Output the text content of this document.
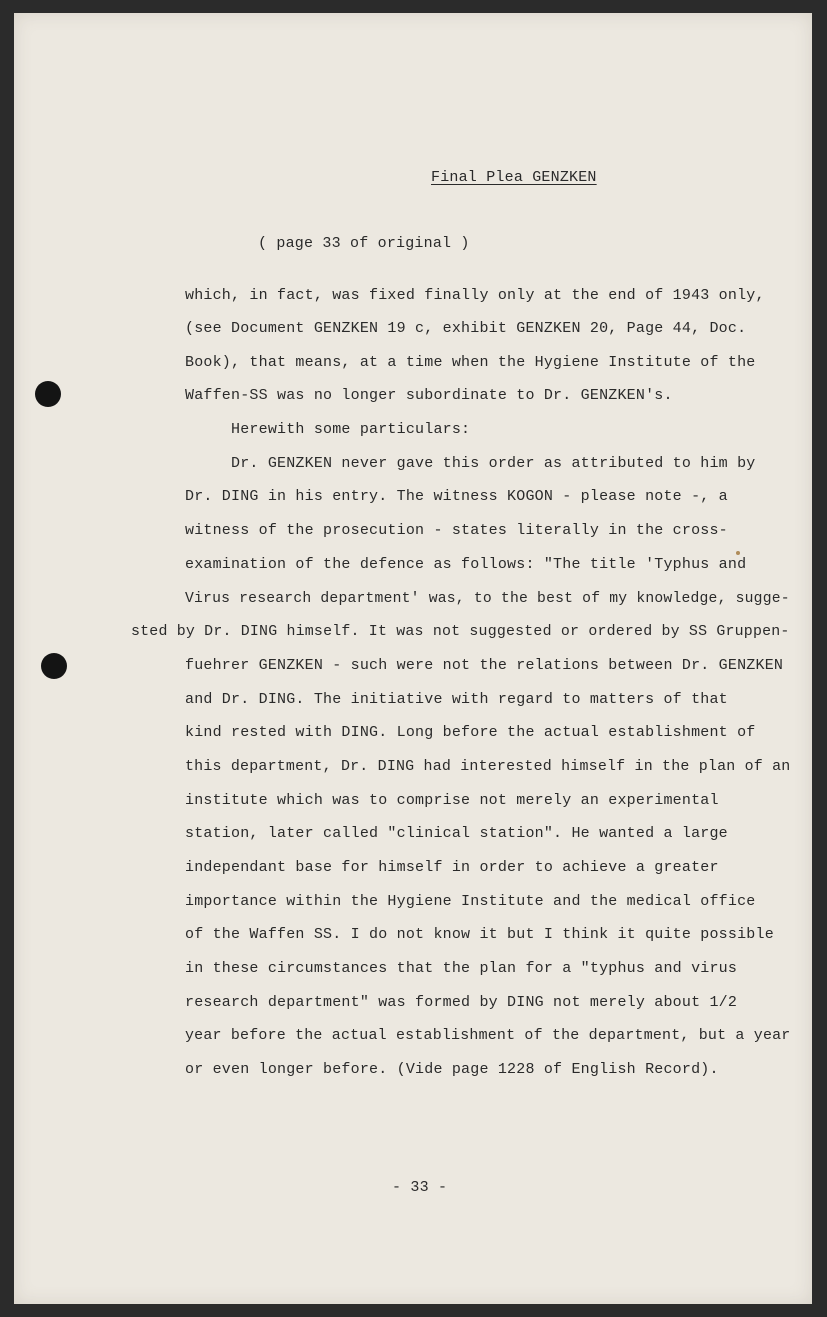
Final Plea GENZKEN
( page 33 of original )
which, in fact, was fixed finally only at the end of 1943 only,
(see Document GENZKEN 19 c, exhibit GENZKEN 20, Page 44, Doc.
Book), that means, at a time when the Hygiene Institute of the
Waffen-SS was no longer subordinate to Dr. GENZKEN's.
Herewith some particulars:
Dr. GENZKEN never gave this order as attributed to him by
Dr. DING in his entry. The witness KOGON - please note -, a
witness of the prosecution - states literally in the cross-
examination of the defence as follows: "The title 'Typhus and
Virus research department' was, to the best of my knowledge, sugge-
sted by Dr. DING himself. It was not suggested or ordered by SS Gruppen-
fuehrer GENZKEN - such were not the relations between Dr. GENZKEN
and Dr. DING. The initiative with regard to matters of that
kind rested with DING. Long before the actual establishment of
this department, Dr. DING had interested himself in the plan of an
institute which was to comprise not merely an experimental
station, later called "clinical station". He wanted a large
independant base for himself in order to achieve a greater
importance within the Hygiene Institute and the medical office
of the Waffen SS. I do not know it but I think it quite possible
in these circumstances that the plan for a "typhus and virus
research department" was formed by DING not merely about 1/2
year before the actual establishment of the department, but a year
or even longer before. (Vide page 1228 of English Record).
- 33 -
